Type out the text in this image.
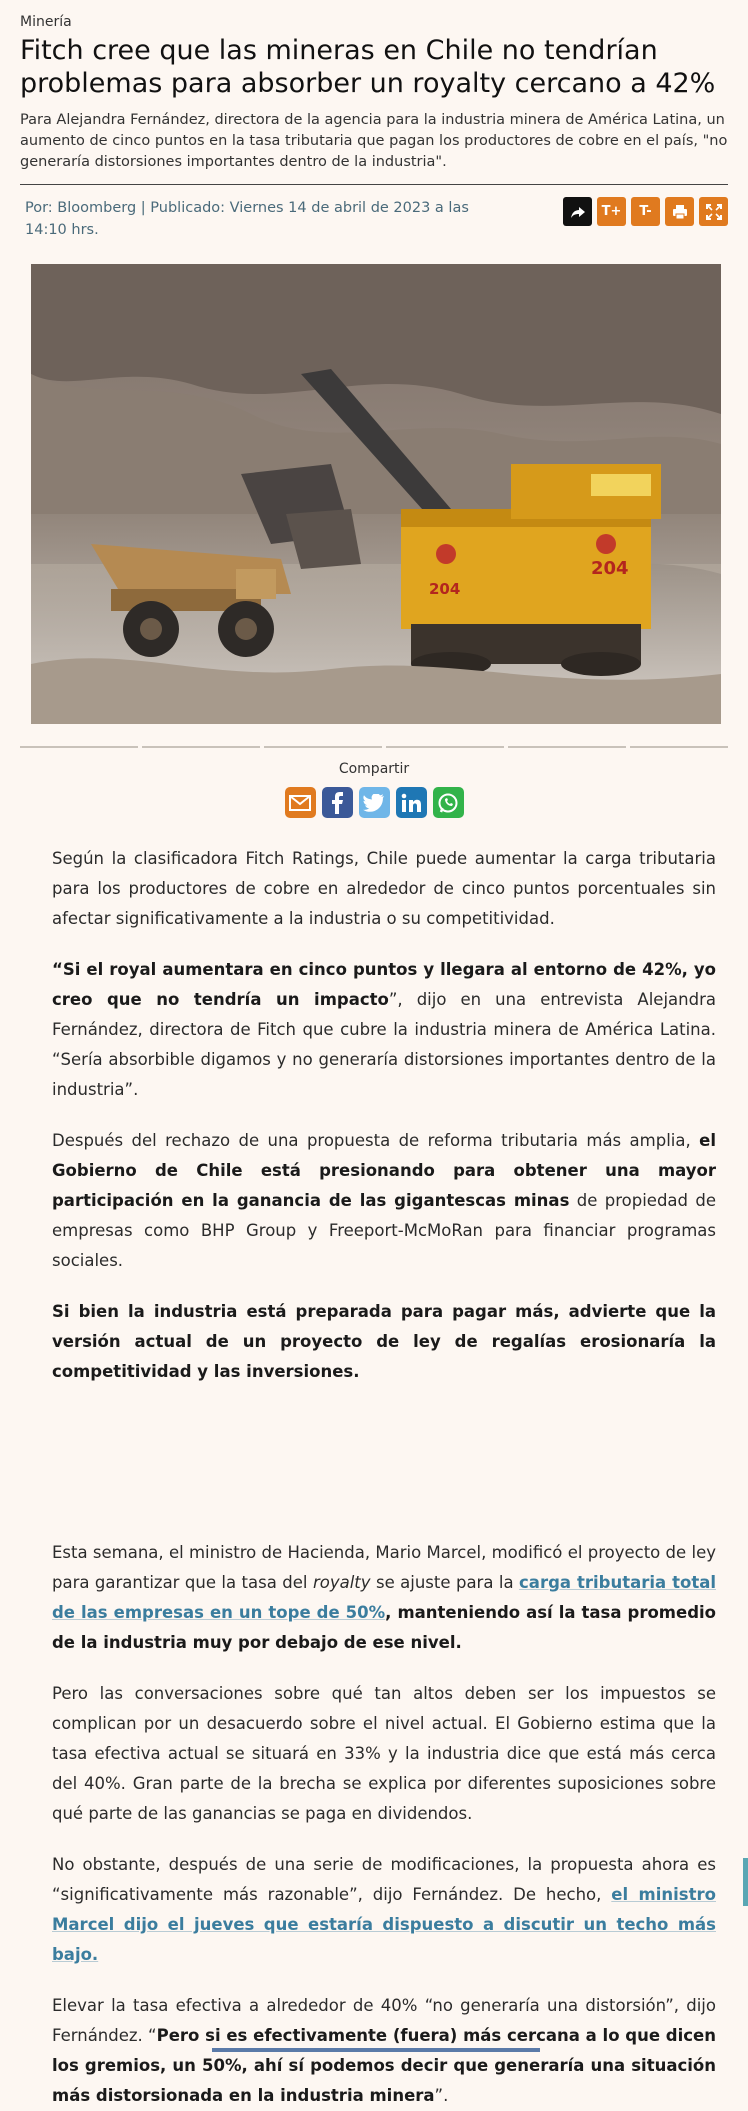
Minería
Fitch cree que las mineras en Chile no tendrían problemas para absorber un royalty cercano a 42%
Para Alejandra Fernández, directora de la agencia para la industria minera de América Latina, un aumento de cinco puntos en la tasa tributaria que pagan los productores de cobre en el país, "no generaría distorsiones importantes dentro de la industria".
Por: Bloomberg | Publicado: Viernes 14 de abril de 2023 a las 14:10 hrs.
T+	T-
204
204
Compartir

Según la clasificadora Fitch Ratings, Chile puede aumentar la carga tributaria para los productores de cobre en alrededor de cinco puntos porcentuales sin afectar significativamente a la industria o su competitividad.

“Si el royal aumentara en cinco puntos y llegara al entorno de 42%, yo creo que no tendría un impacto”, dijo en una entrevista Alejandra Fernández, directora de Fitch que cubre la industria minera de América Latina. “Sería absorbible digamos y no generaría distorsiones importantes dentro de la industria”.

Después del rechazo de una propuesta de reforma tributaria más amplia, el Gobierno de Chile está presionando para obtener una mayor participación en la ganancia de las gigantescas minas de propiedad de empresas como BHP Group y Freeport-McMoRan para financiar programas sociales.

Si bien la industria está preparada para pagar más, advierte que la versión actual de un proyecto de ley de regalías erosionaría la competitividad y las inversiones.

Esta semana, el ministro de Hacienda, Mario Marcel, modificó el proyecto de ley para garantizar que la tasa del royalty se ajuste para la carga tributaria total de las empresas en un tope de 50%, manteniendo así la tasa promedio de la industria muy por debajo de ese nivel.

Pero las conversaciones sobre qué tan altos deben ser los impuestos se complican por un desacuerdo sobre el nivel actual. El Gobierno estima que la tasa efectiva actual se situará en 33% y la industria dice que está más cerca del 40%. Gran parte de la brecha se explica por diferentes suposiciones sobre qué parte de las ganancias se paga en dividendos.

No obstante, después de una serie de modificaciones, la propuesta ahora es “significativamente más razonable”, dijo Fernández. De hecho, el ministro Marcel dijo el jueves que estaría dispuesto a discutir un techo más bajo.

Elevar la tasa efectiva a alrededor de 40% “no generaría una distorsión”, dijo Fernández. “Pero si es efectivamente (fuera) más cercana a lo que dicen los gremios, un 50%, ahí sí podemos decir que generaría una situación más distorsionada en la industria minera”.
